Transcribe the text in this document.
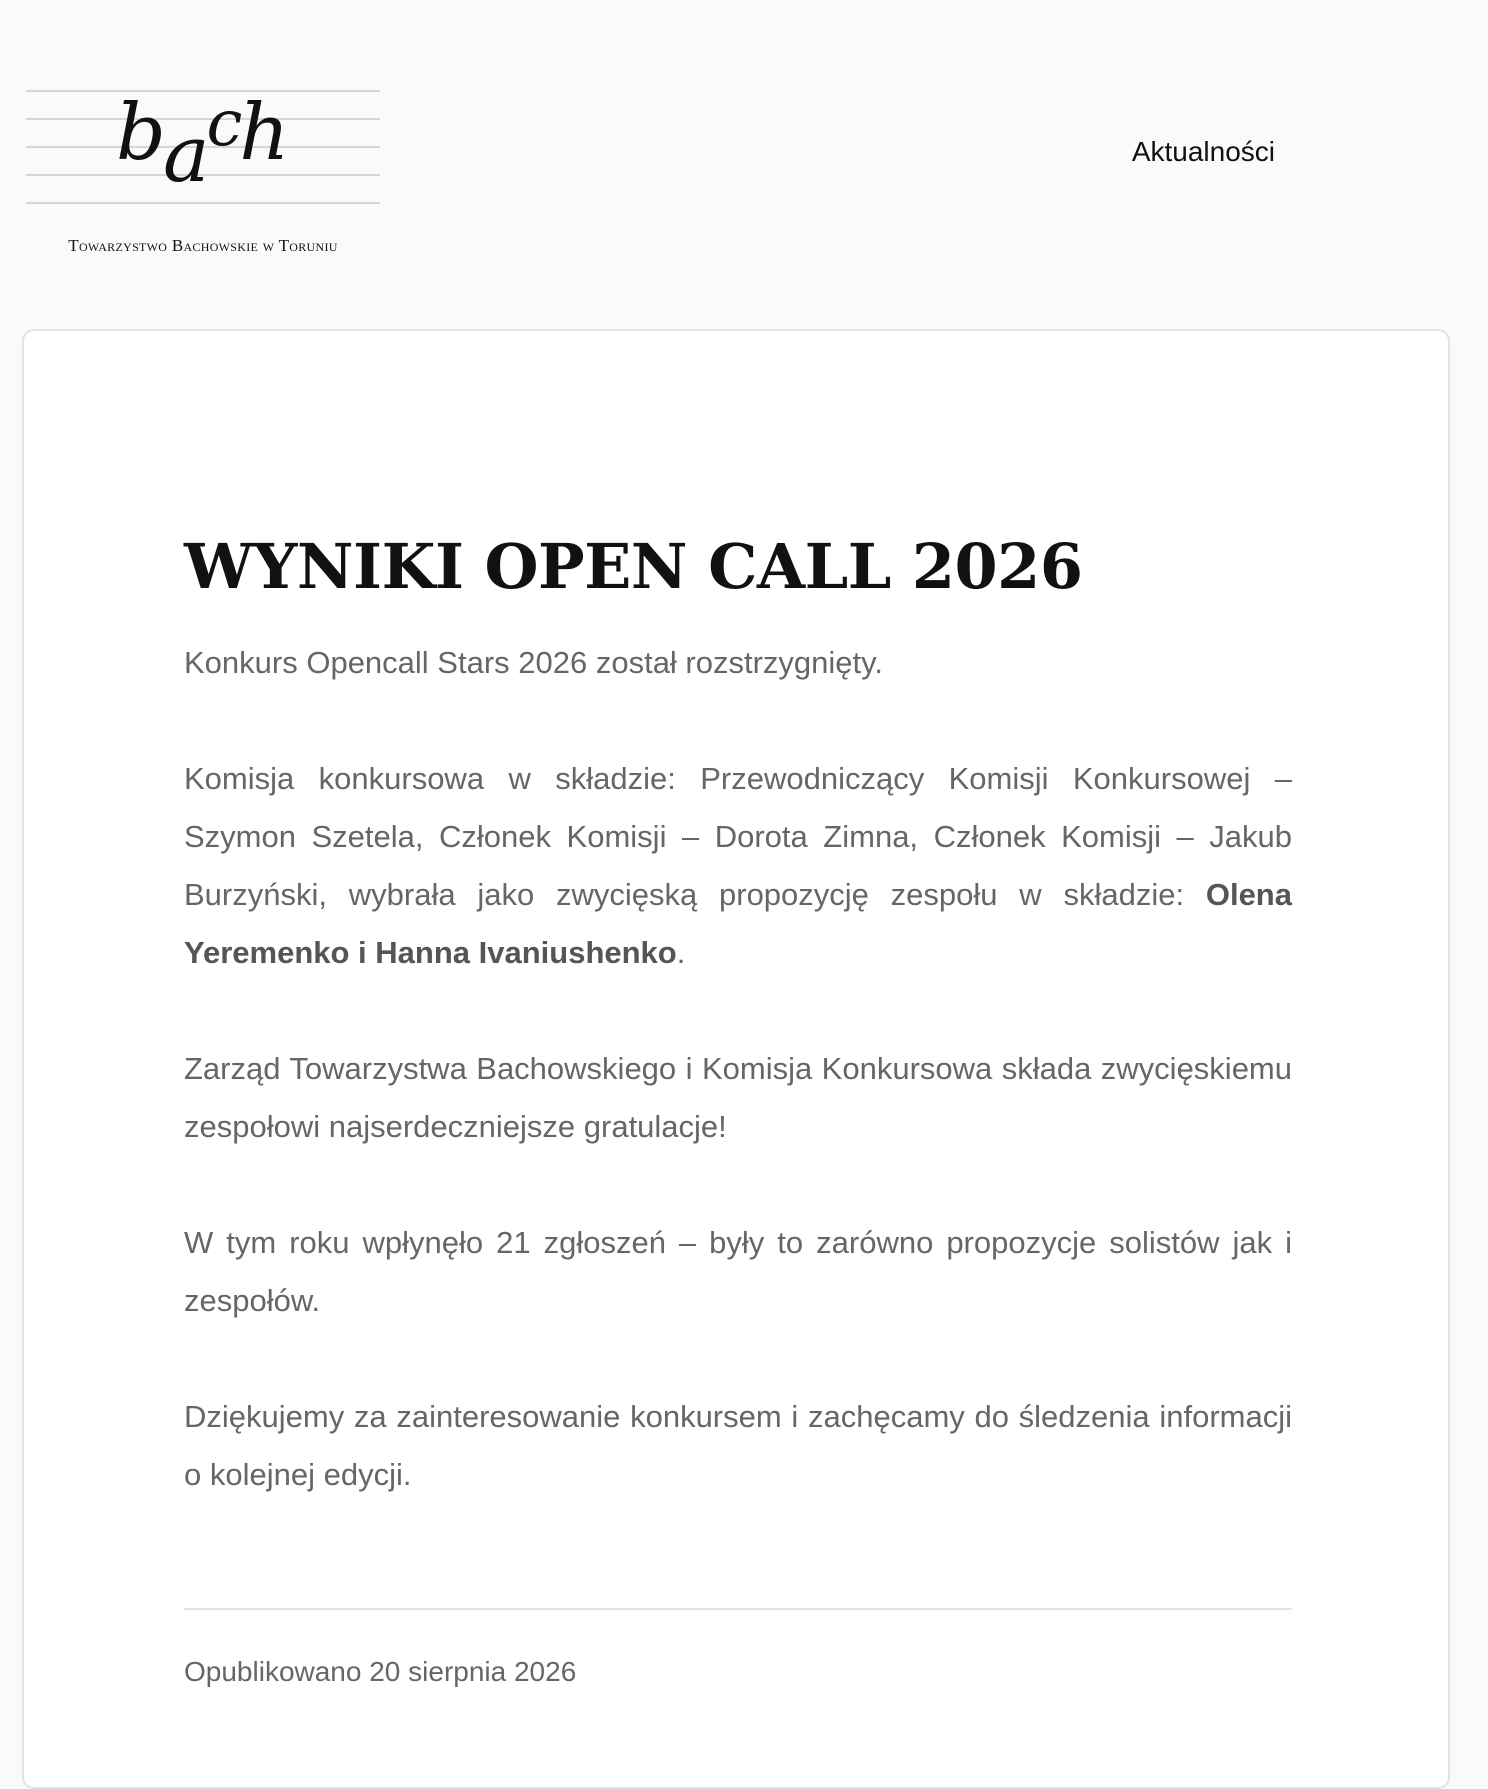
bach
Towarzystwo Bachowskie w Toruniu
Aktualności
WYNIKI OPEN CALL 2026

Konkurs Opencall Stars 2026 został rozstrzygnięty.

Komisja konkursowa w składzie: Przewodniczący Komisji Konkursowej – Szymon Szetela, Członek Komisji – Dorota Zimna, Członek Komisji – Jakub Burzyński, wybrała jako zwycięską propozycję zespołu w składzie: Olena Yeremenko i Hanna Ivaniushenko.

Zarząd Towarzystwa Bachowskiego i Komisja Konkursowa składa zwycięskiemu zespołowi najserdeczniejsze gratulacje!

W tym roku wpłynęło 21 zgłoszeń – były to zarówno propozycje solistów jak i zespołów.

Dziękujemy za zainteresowanie konkursem i zachęcamy do śledzenia informacji o kolejnej edycji.

Opublikowano 20 sierpnia 2026
